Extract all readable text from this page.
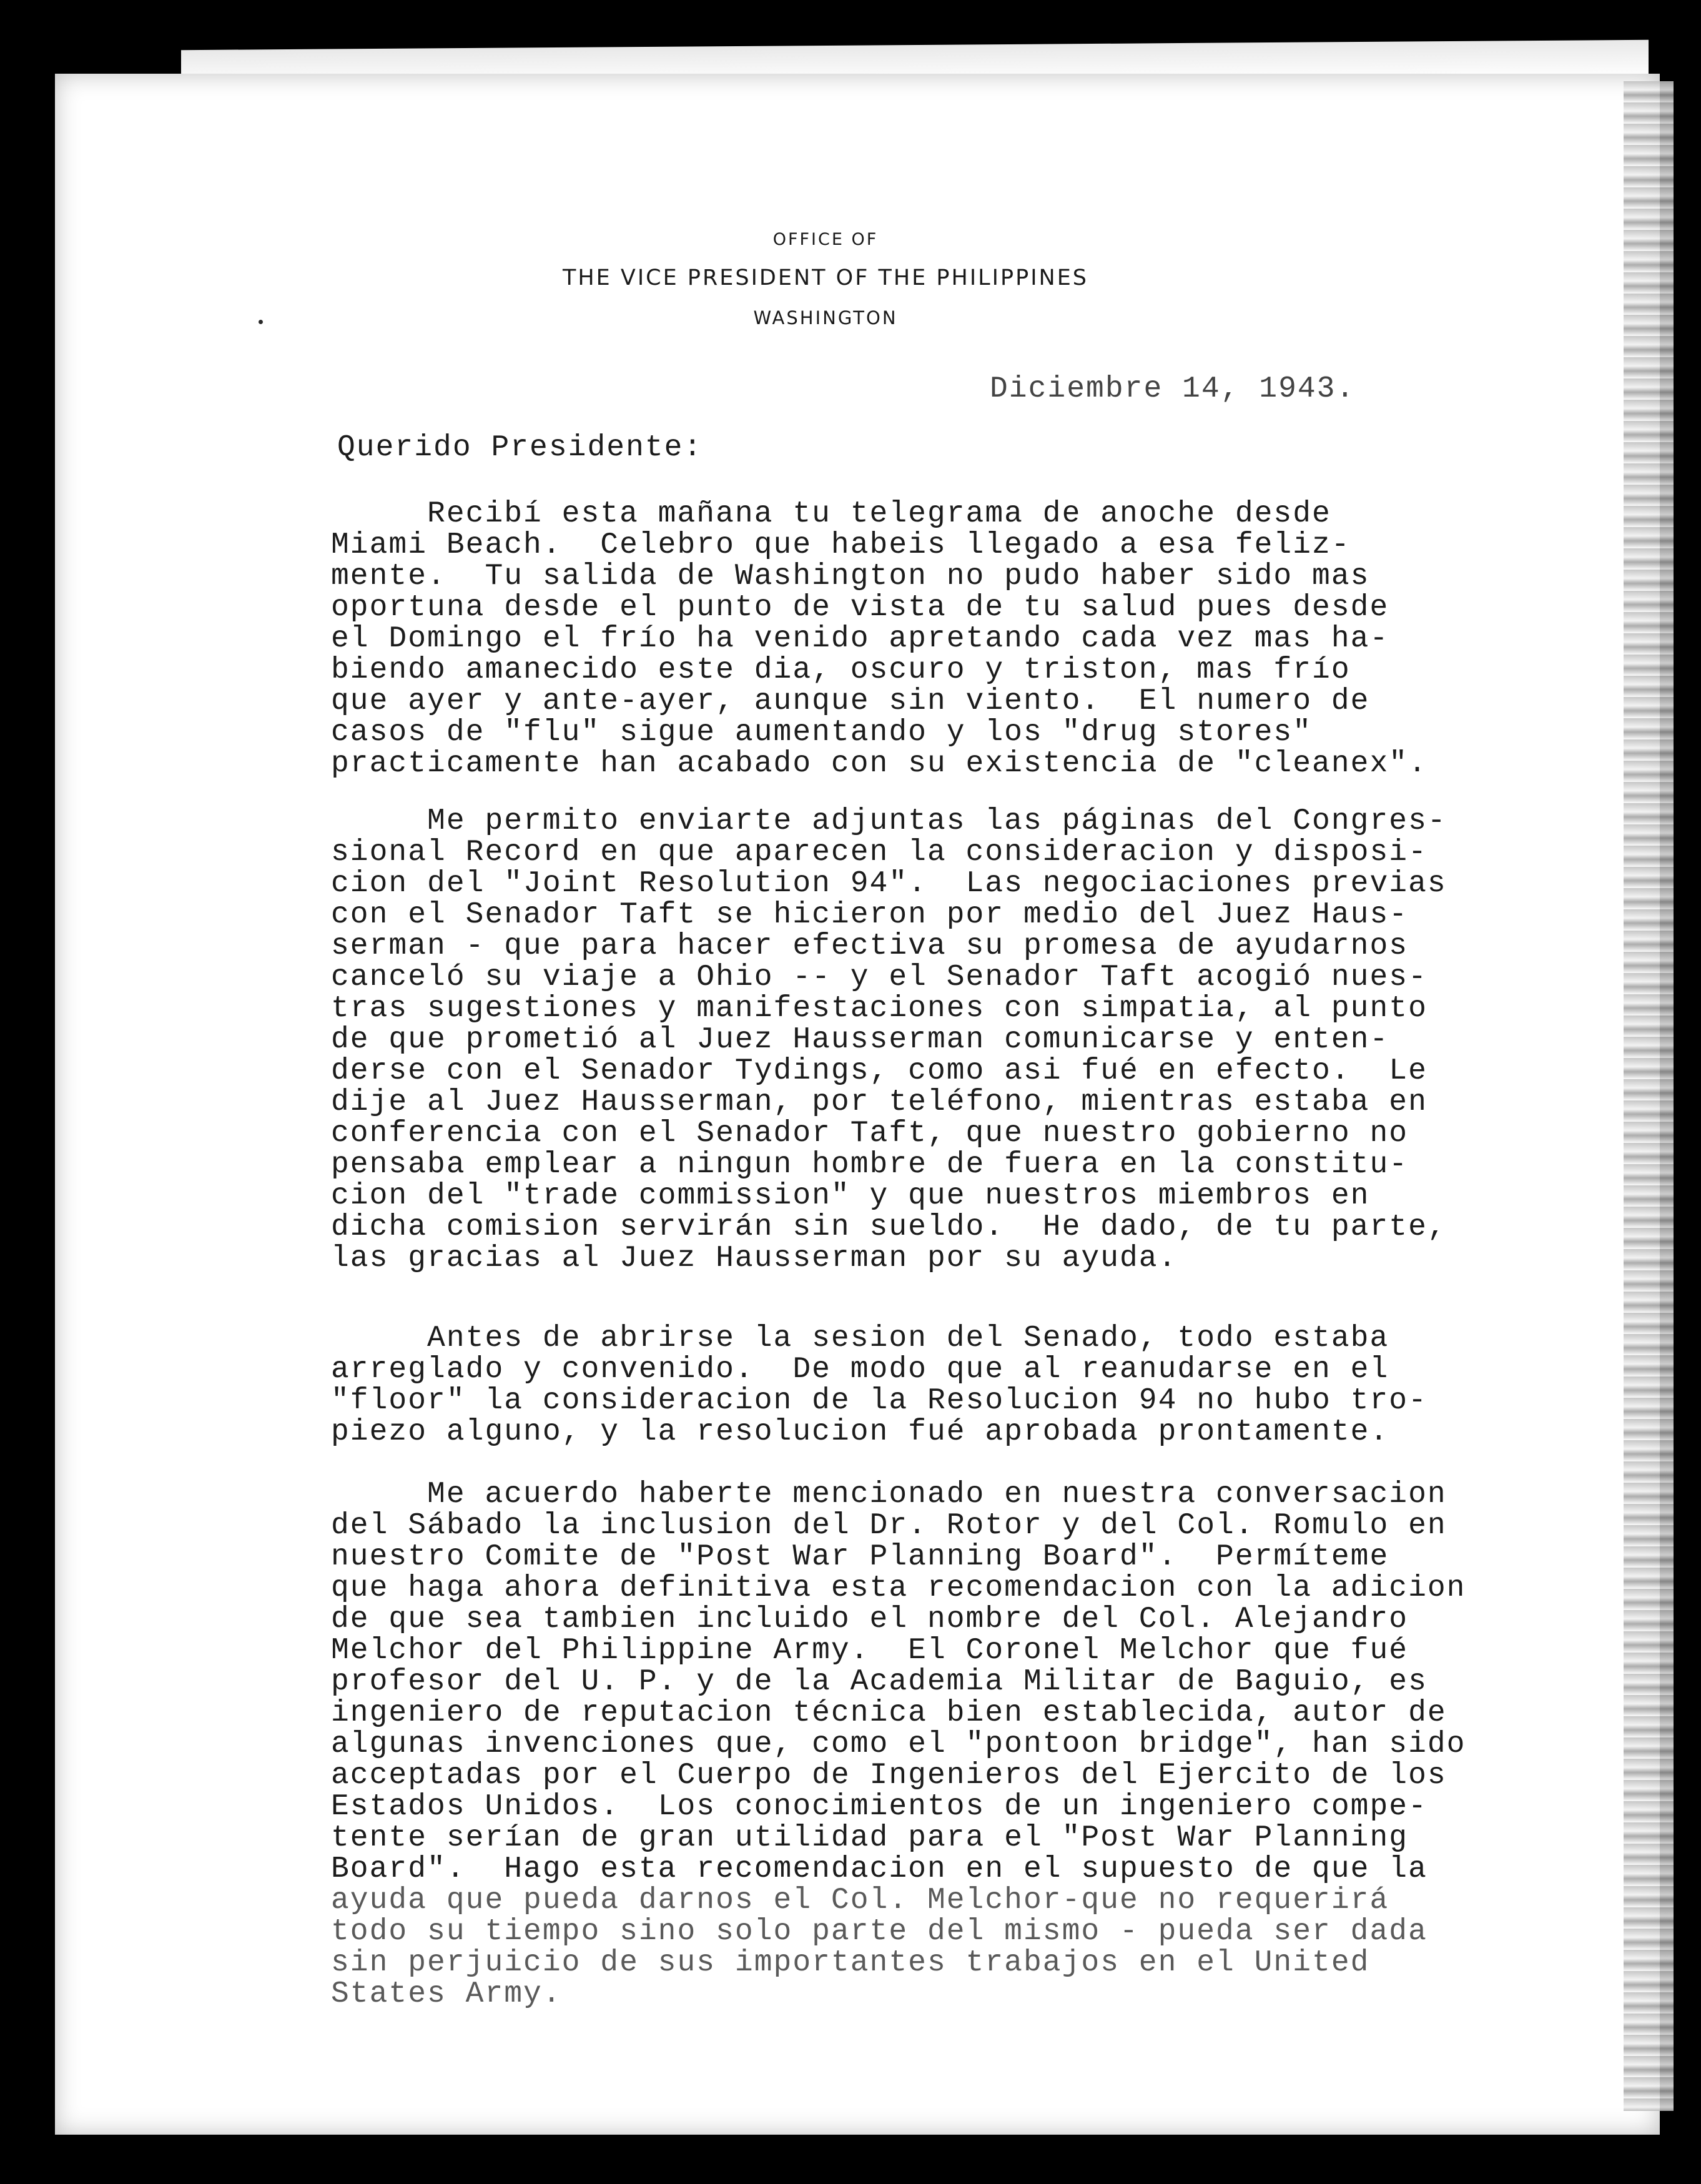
OFFICE OF
THE VICE PRESIDENT OF THE PHILIPPINES
WASHINGTON
Diciembre 14, 1943.
Querido Presidente:
Recibí esta mañana tu telegrama de anoche desde
Miami Beach.  Celebro que habeis llegado a esa feliz-
mente.  Tu salida de Washington no pudo haber sido mas
oportuna desde el punto de vista de tu salud pues desde
el Domingo el frío ha venido apretando cada vez mas ha-
biendo amanecido este dia, oscuro y triston, mas frío
que ayer y ante-ayer, aunque sin viento.  El numero de
casos de "flu" sigue aumentando y los "drug stores"
practicamente han acabado con su existencia de "cleanex".
Me permito enviarte adjuntas las páginas del Congres-
sional Record en que aparecen la consideracion y disposi-
cion del "Joint Resolution 94".  Las negociaciones previas
con el Senador Taft se hicieron por medio del Juez Haus-
serman - que para hacer efectiva su promesa de ayudarnos
canceló su viaje a Ohio -- y el Senador Taft acogió nues-
tras sugestiones y manifestaciones con simpatia, al punto
de que prometió al Juez Hausserman comunicarse y enten-
derse con el Senador Tydings, como asi fué en efecto.  Le
dije al Juez Hausserman, por teléfono, mientras estaba en
conferencia con el Senador Taft, que nuestro gobierno no
pensaba emplear a ningun hombre de fuera en la constitu-
cion del "trade commission" y que nuestros miembros en
dicha comision servirán sin sueldo.  He dado, de tu parte,
las gracias al Juez Hausserman por su ayuda.
Antes de abrirse la sesion del Senado, todo estaba
arreglado y convenido.  De modo que al reanudarse en el
"floor" la consideracion de la Resolucion 94 no hubo tro-
piezo alguno, y la resolucion fué aprobada prontamente.
Me acuerdo haberte mencionado en nuestra conversacion
del Sábado la inclusion del Dr. Rotor y del Col. Romulo en
nuestro Comite de "Post War Planning Board".  Permíteme
que haga ahora definitiva esta recomendacion con la adicion
de que sea tambien incluido el nombre del Col. Alejandro
Melchor del Philippine Army.  El Coronel Melchor que fué
profesor del U. P. y de la Academia Militar de Baguio, es
ingeniero de reputacion técnica bien establecida, autor de
algunas invenciones que, como el "pontoon bridge", han sido
acceptadas por el Cuerpo de Ingenieros del Ejercito de los
Estados Unidos.  Los conocimientos de un ingeniero compe-
tente serían de gran utilidad para el "Post War Planning
Board".  Hago esta recomendacion en el supuesto de que la
ayuda que pueda darnos el Col. Melchor-que no requerirá
todo su tiempo sino solo parte del mismo - pueda ser dada
sin perjuicio de sus importantes trabajos en el United
States Army.
